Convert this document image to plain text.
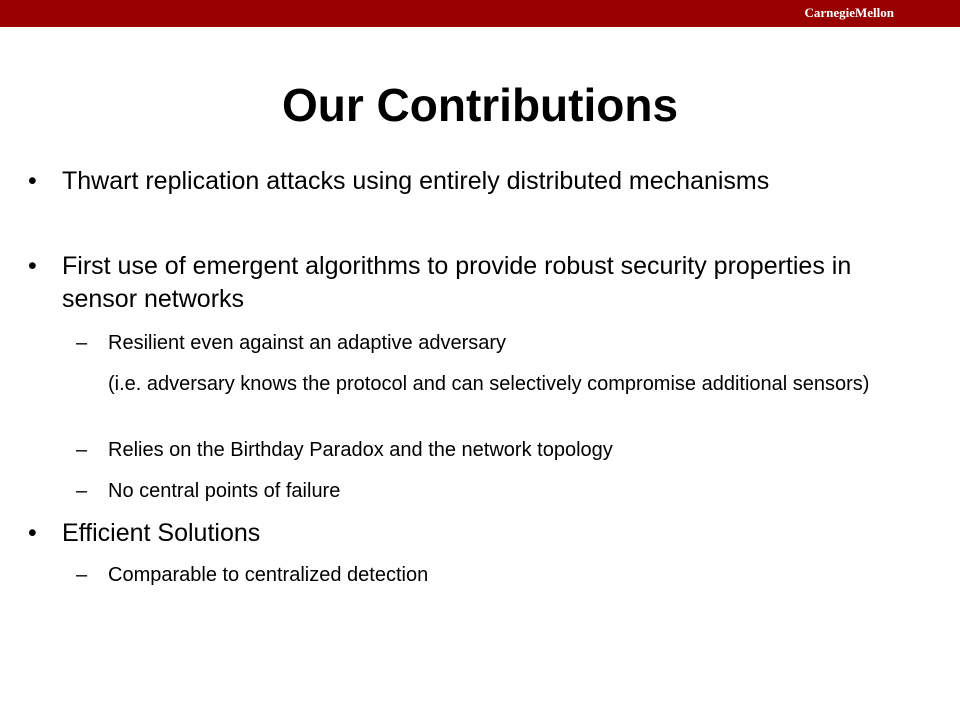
CarnegieMellon
Our Contributions
• Thwart replication attacks using entirely distributed mechanisms
• First use of emergent algorithms to provide robust security properties in sensor networks
– Resilient even against an adaptive adversary
(i.e. adversary knows the protocol and can selectively compromise additional sensors)
– Relies on the Birthday Paradox and the network topology
– No central points of failure
• Efficient Solutions
– Comparable to centralized detection
